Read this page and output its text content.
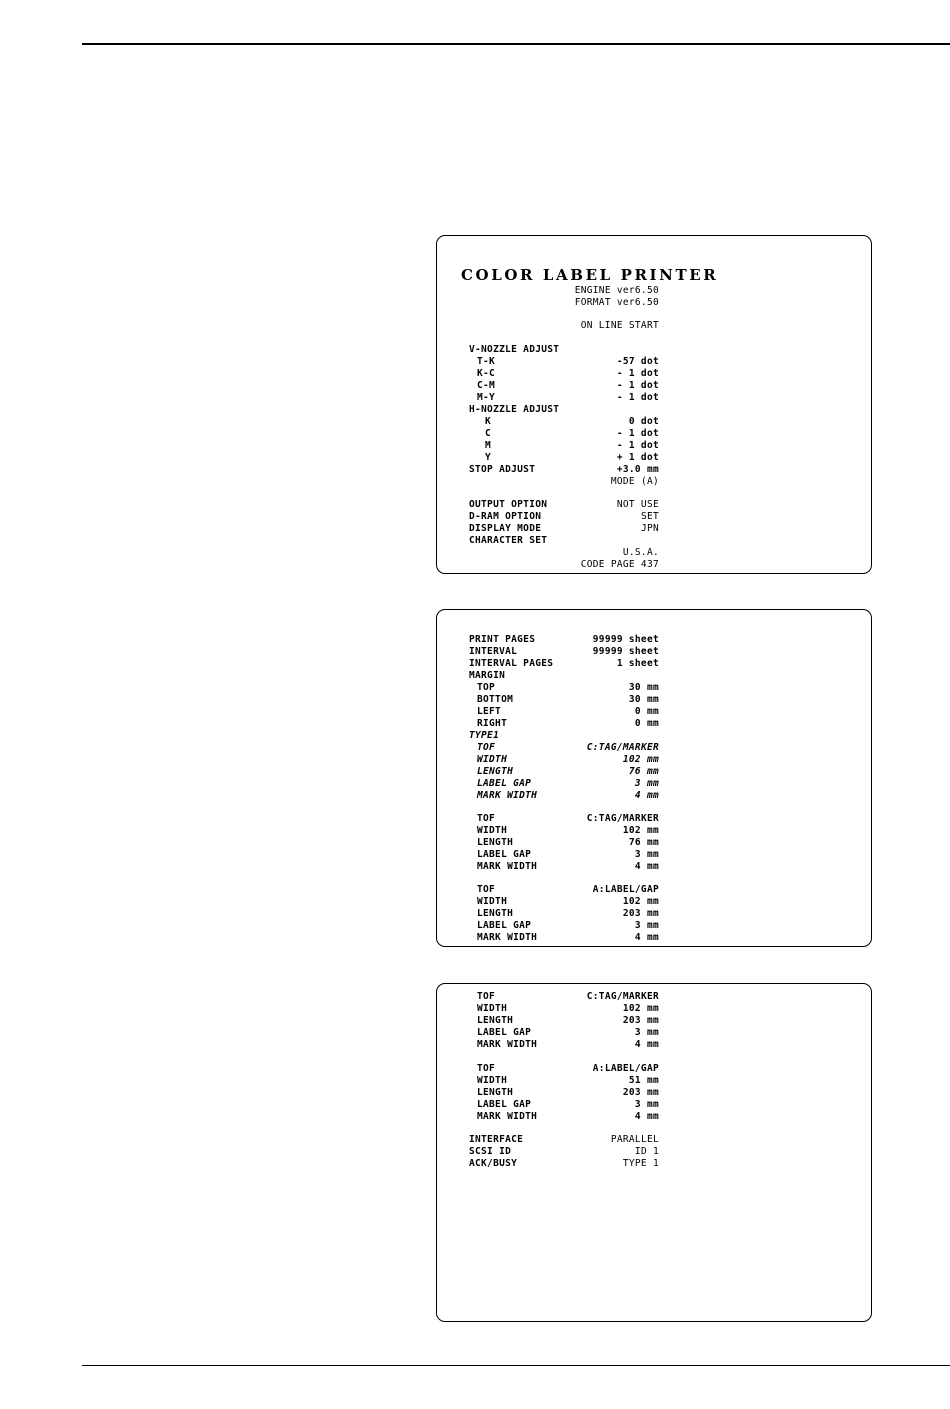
COLOR LABEL PRINTER
ENGINE ver6.50
FORMAT ver6.50
ON LINE START
V-NOZZLE ADJUST
T-K	-57 dot
K-C	- 1 dot
C-M	- 1 dot
M-Y	- 1 dot
H-NOZZLE ADJUST
K	0 dot
C	- 1 dot
M	- 1 dot
Y	+ 1 dot
STOP ADJUST	+3.0 mm
MODE (A)
OUTPUT OPTION	NOT USE
D-RAM OPTION	SET
DISPLAY MODE	JPN
CHARACTER SET
U.S.A.
CODE PAGE 437
PRINT PAGES	99999 sheet
INTERVAL	99999 sheet
INTERVAL PAGES	1 sheet
MARGIN
TOP	30 mm
BOTTOM	30 mm
LEFT	0 mm
RIGHT	0 mm
TYPE1
TOF	C:TAG/MARKER
WIDTH	102 mm
LENGTH	76 mm
LABEL GAP	3 mm
MARK WIDTH	4 mm
TOF	C:TAG/MARKER
WIDTH	102 mm
LENGTH	76 mm
LABEL GAP	3 mm
MARK WIDTH	4 mm
TOF	A:LABEL/GAP
WIDTH	102 mm
LENGTH	203 mm
LABEL GAP	3 mm
MARK WIDTH	4 mm
TOF	C:TAG/MARKER
WIDTH	102 mm
LENGTH	203 mm
LABEL GAP	3 mm
MARK WIDTH	4 mm
TOF	A:LABEL/GAP
WIDTH	51 mm
LENGTH	203 mm
LABEL GAP	3 mm
MARK WIDTH	4 mm
INTERFACE	PARALLEL
SCSI ID	ID 1
ACK/BUSY	TYPE 1
